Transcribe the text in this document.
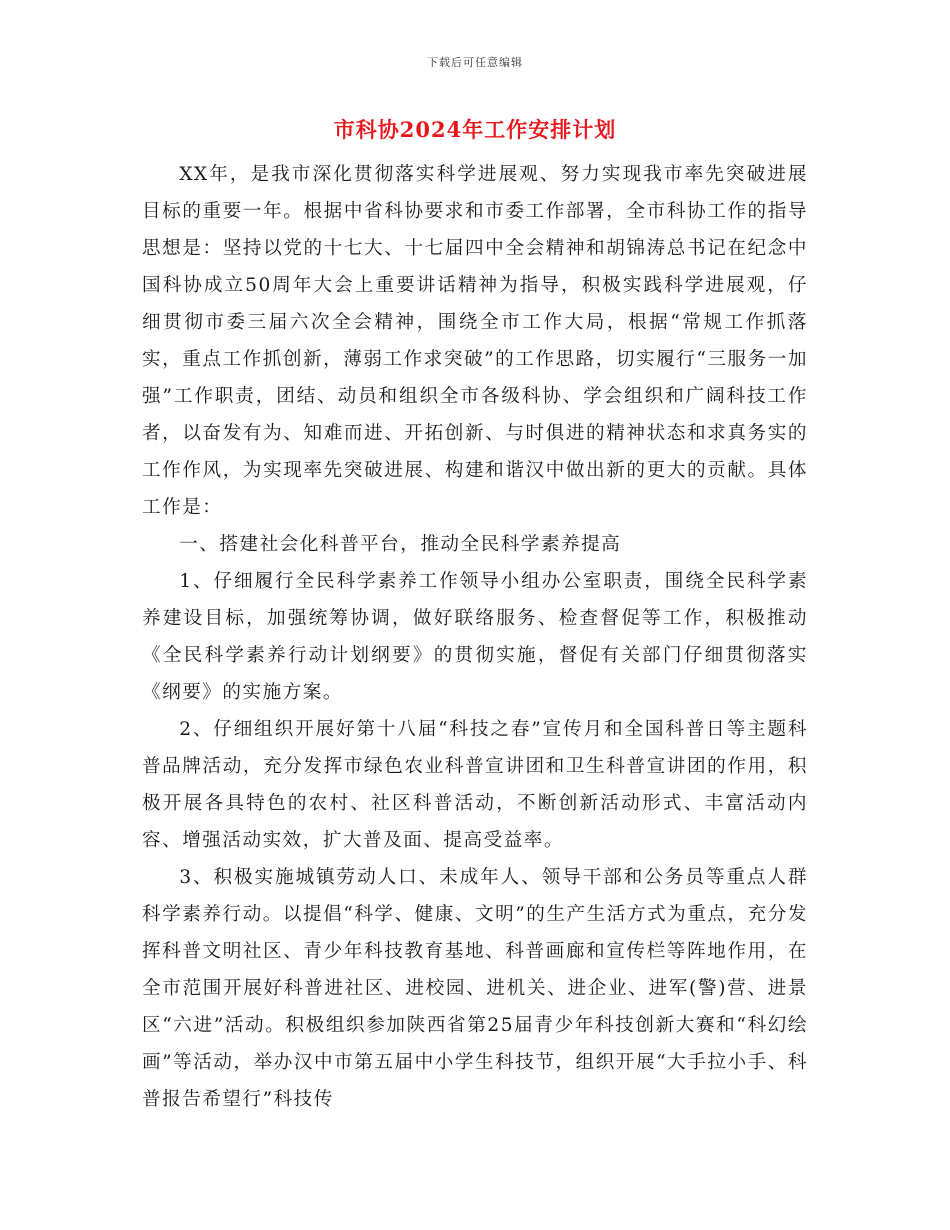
下载后可任意编辑
市科协2024年工作安排计划

XX年，是我市深化贯彻落实科学进展观、努力实现我市率先突破进展目标的重要一年。根据中省科协要求和市委工作部署，全市科协工作的指导思想是：坚持以党的十七大、十七届四中全会精神和胡锦涛总书记在纪念中国科协成立50周年大会上重要讲话精神为指导，积极实践科学进展观，仔细贯彻市委三届六次全会精神，围绕全市工作大局，根据“常规工作抓落实，重点工作抓创新，薄弱工作求突破”的工作思路，切实履行“三服务一加强”工作职责，团结、动员和组织全市各级科协、学会组织和广阔科技工作者，以奋发有为、知难而进、开拓创新、与时俱进的精神状态和求真务实的工作作风，为实现率先突破进展、构建和谐汉中做出新的更大的贡献。具体工作是：

一、搭建社会化科普平台，推动全民科学素养提高

1、仔细履行全民科学素养工作领导小组办公室职责，围绕全民科学素养建设目标，加强统筹协调，做好联络服务、检查督促等工作，积极推动《全民科学素养行动计划纲要》的贯彻实施，督促有关部门仔细贯彻落实《纲要》的实施方案。

2、仔细组织开展好第十八届“科技之春”宣传月和全国科普日等主题科普品牌活动，充分发挥市绿色农业科普宣讲团和卫生科普宣讲团的作用，积极开展各具特色的农村、社区科普活动，不断创新活动形式、丰富活动内容、增强活动实效，扩大普及面、提高受益率。

3、积极实施城镇劳动人口、未成年人、领导干部和公务员等重点人群科学素养行动。以提倡“科学、健康、文明”的生产生活方式为重点，充分发挥科普文明社区、青少年科技教育基地、科普画廊和宣传栏等阵地作用，在全市范围开展好科普进社区、进校园、进机关、进企业、进军(警)营、进景区“六进”活动。积极组织参加陕西省第25届青少年科技创新大赛和“科幻绘画”等活动，举办汉中市第五届中小学生科技节，组织开展“大手拉小手、科普报告希望行”科技传
